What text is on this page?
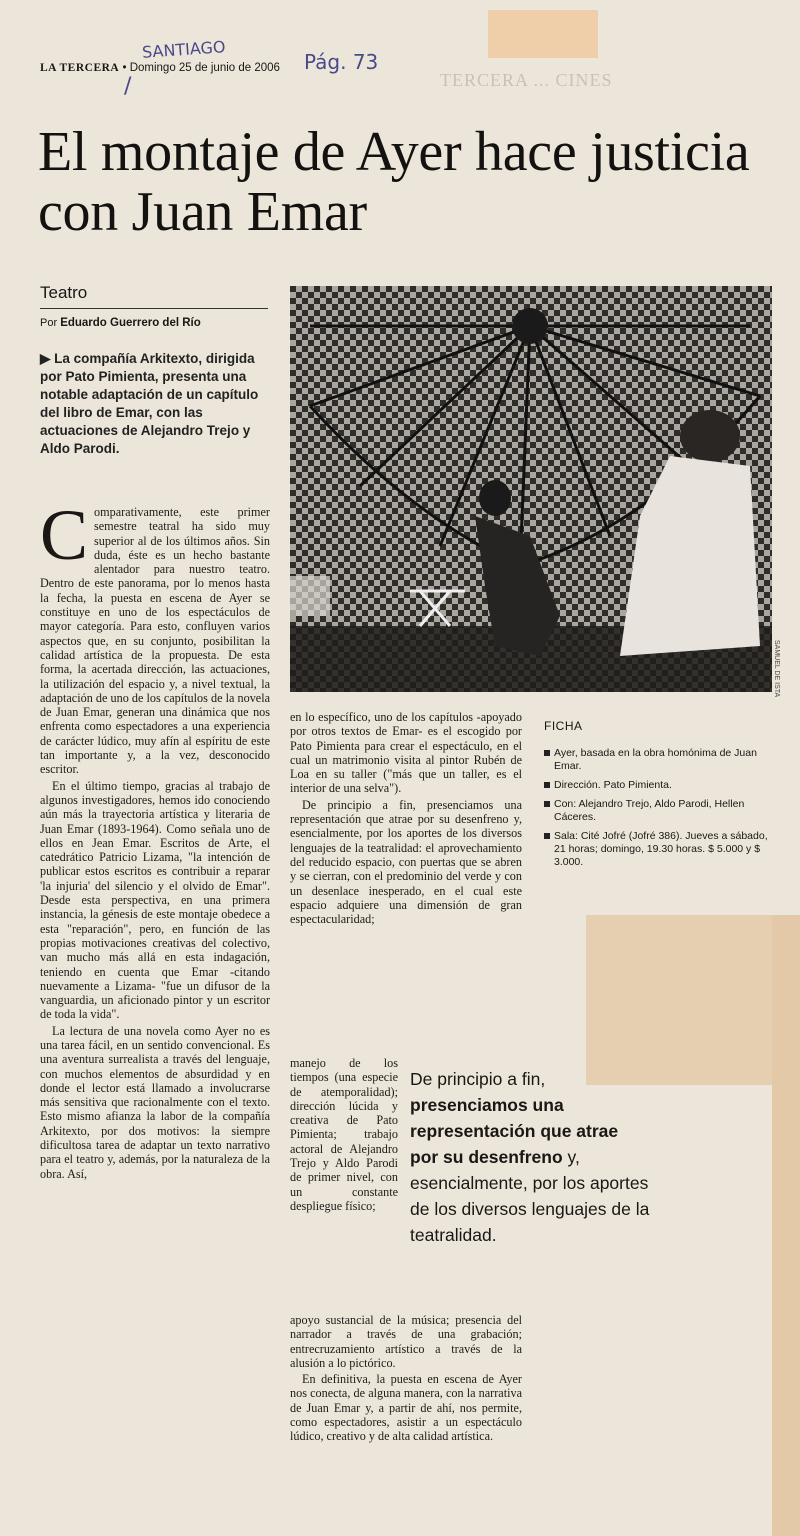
SANTIAGO
/
Pág. 73
TERCERA ... CINES
LA TERCERA • Domingo 25 de junio de 2006
El montaje de Ayer hace justicia con Juan Emar
Teatro
Por Eduardo Guerrero del Río
▶ La compañía Arkitexto, dirigida por Pato Pimienta, presenta una notable adaptación de un capítulo del libro de Emar, con las actuaciones de Alejandro Trejo y Aldo Parodi.
SAMUEL DE ISTA

Comparativamente, este primer semestre teatral ha sido muy superior al de los últimos años. Sin duda, éste es un hecho bastante alentador para nuestro teatro. Dentro de este panorama, por lo menos hasta la fecha, la puesta en escena de Ayer se constituye en uno de los espectáculos de mayor categoría. Para esto, confluyen varios aspectos que, en su conjunto, posibilitan la calidad artística de la propuesta. De esta forma, la acertada dirección, las actuaciones, la utilización del espacio y, a nivel textual, la adaptación de uno de los capítulos de la novela de Juan Emar, generan una dinámica que nos enfrenta como espectadores a una experiencia de carácter lúdico, muy afín al espíritu de este tan importante y, a la vez, desconocido escritor.

En el último tiempo, gracias al trabajo de algunos investigadores, hemos ido conociendo aún más la trayectoria artística y literaria de Juan Emar (1893-1964). Como señala uno de ellos en Jean Emar. Escritos de Arte, el catedrático Patricio Lizama, "la intención de publicar estos escritos es contribuir a reparar 'la injuria' del silencio y el olvido de Emar". Desde esta perspectiva, en una primera instancia, la génesis de este montaje obedece a esta "reparación", pero, en función de las propias motivaciones creativas del colectivo, van mucho más allá en esta indagación, teniendo en cuenta que Emar -citando nuevamente a Lizama- "fue un difusor de la vanguardia, un aficionado pintor y un escritor de toda la vida".

La lectura de una novela como Ayer no es una tarea fácil, en un sentido convencional. Es una aventura surrealista a través del lenguaje, con muchos elementos de absurdidad y en donde el lector está llamado a involucrarse más sensitiva que racionalmente con el texto. Esto mismo afianza la labor de la compañía Arkitexto, por dos motivos: la siempre dificultosa tarea de adaptar un texto narrativo para el teatro y, además, por la naturaleza de la obra. Así,

en lo específico, uno de los capítulos -apoyado por otros textos de Emar- es el escogido por Pato Pimienta para crear el espectáculo, en el cual un matrimonio visita al pintor Rubén de Loa en su taller ("más que un taller, es el interior de una selva").

De principio a fin, presenciamos una representación que atrae por su desenfreno y, esencialmente, por los aportes de los diversos lenguajes de la teatralidad: el aprovechamiento del reducido espacio, con puertas que se abren y se cierran, con el predominio del verde y con un desenlace inesperado, en el cual este espacio adquiere una dimensión de gran espectacularidad;

manejo de los tiempos (una especie de atemporalidad); dirección lúcida y creativa de Pato Pimienta; trabajo actoral de Alejandro Trejo y Aldo Parodi de primer nivel, con un constante despliegue físico;

apoyo sustancial de la música; presencia del narrador a través de una grabación; entrecruzamiento artístico a través de la alusión a lo pictórico.

En definitiva, la puesta en escena de Ayer nos conecta, de alguna manera, con la narrativa de Juan Emar y, a partir de ahí, nos permite, como espectadores, asistir a un espectáculo lúdico, creativo y de alta calidad artística.

FICHA
Ayer, basada en la obra homónima de Juan Emar.
Dirección. Pato Pimienta.
Con: Alejandro Trejo, Aldo Parodi, Hellen Cáceres.
Sala: Cité Jofré (Jofré 386). Jueves a sábado, 21 horas; domingo, 19.30 horas. $ 5.000 y $ 3.000.
De principio a fin, presenciamos una representación que atrae por su desenfreno y, esencialmente, por los aportes de los diversos lenguajes de la teatralidad.
